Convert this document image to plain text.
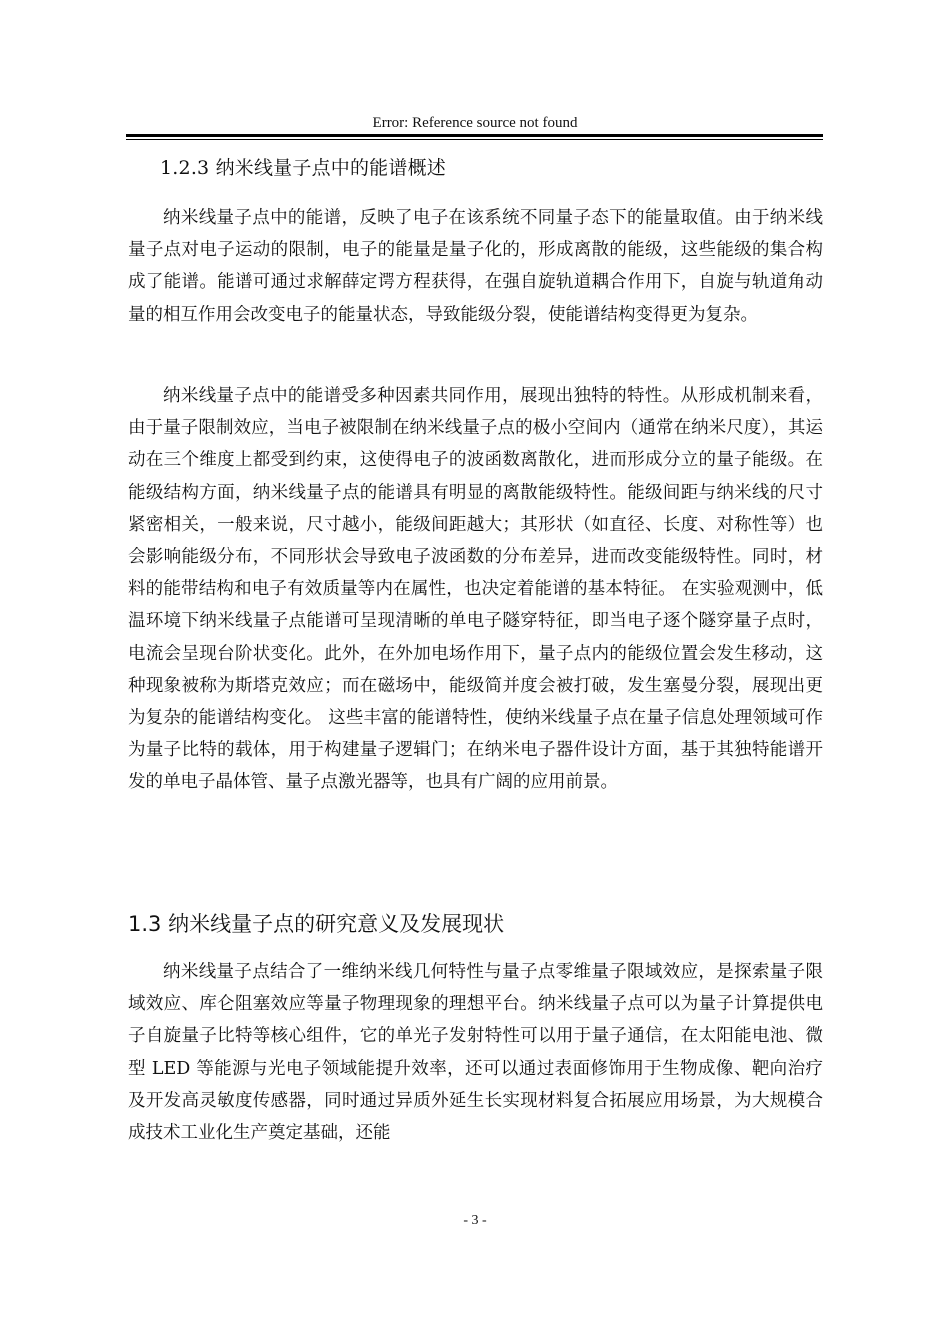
Error: Reference source not found
1.2.3 纳米线量子点中的能谱概述

纳米线量子点中的能谱，反映了电子在该系统不同量子态下的能量取值。由于纳米线量子点对电子运动的限制，电子的能量是量子化的，形成离散的能级，这些能级的集合构成了能谱。能谱可通过求解薛定谔方程获得，在强自旋轨道耦合作用下，自旋与轨道角动量的相互作用会改变电子的能量状态，导致能级分裂，使能谱结构变得更为复杂。

纳米线量子点中的能谱受多种因素共同作用，展现出独特的特性。从形成机制来看，由于量子限制效应，当电子被限制在纳米线量子点的极小空间内（通常在纳米尺度），其运动在三个维度上都受到约束，这使得电子的波函数离散化，进而形成分立的量子能级。在能级结构方面，纳米线量子点的能谱具有明显的离散能级特性。能级间距与纳米线的尺寸紧密相关，一般来说，尺寸越小，能级间距越大；其形状（如直径、长度、对称性等）也会影响能级分布，不同形状会导致电子波函数的分布差异，进而改变能级特性。同时，材料的能带结构和电子有效质量等内在属性，也决定着能谱的基本特征。 在实验观测中，低温环境下纳米线量子点能谱可呈现清晰的单电子隧穿特征，即当电子逐个隧穿量子点时，电流会呈现台阶状变化。此外，在外加电场作用下，量子点内的能级位置会发生移动，这种现象被称为斯塔克效应；而在磁场中，能级简并度会被打破，发生塞曼分裂，展现出更为复杂的能谱结构变化。 这些丰富的能谱特性，使纳米线量子点在量子信息处理领域可作为量子比特的载体，用于构建量子逻辑门；在纳米电子器件设计方面，基于其独特能谱开发的单电子晶体管、量子点激光器等，也具有广阔的应用前景。

1.3 纳米线量子点的研究意义及发展现状

纳米线量子点结合了一维纳米线几何特性与量子点零维量子限域效应，是探索量子限域效应、库仑阻塞效应等量子物理现象的理想平台。纳米线量子点可以为量子计算提供电子自旋量子比特等核心组件，它的单光子发射特性可以用于量子通信，在太阳能电池、微型 LED 等能源与光电子领域能提升效率，还可以通过表面修饰用于生物成像、靶向治疗及开发高灵敏度传感器，同时通过异质外延生长实现材料复合拓展应用场景，为大规模合成技术工业化生产奠定基础，还能

- 3 -
